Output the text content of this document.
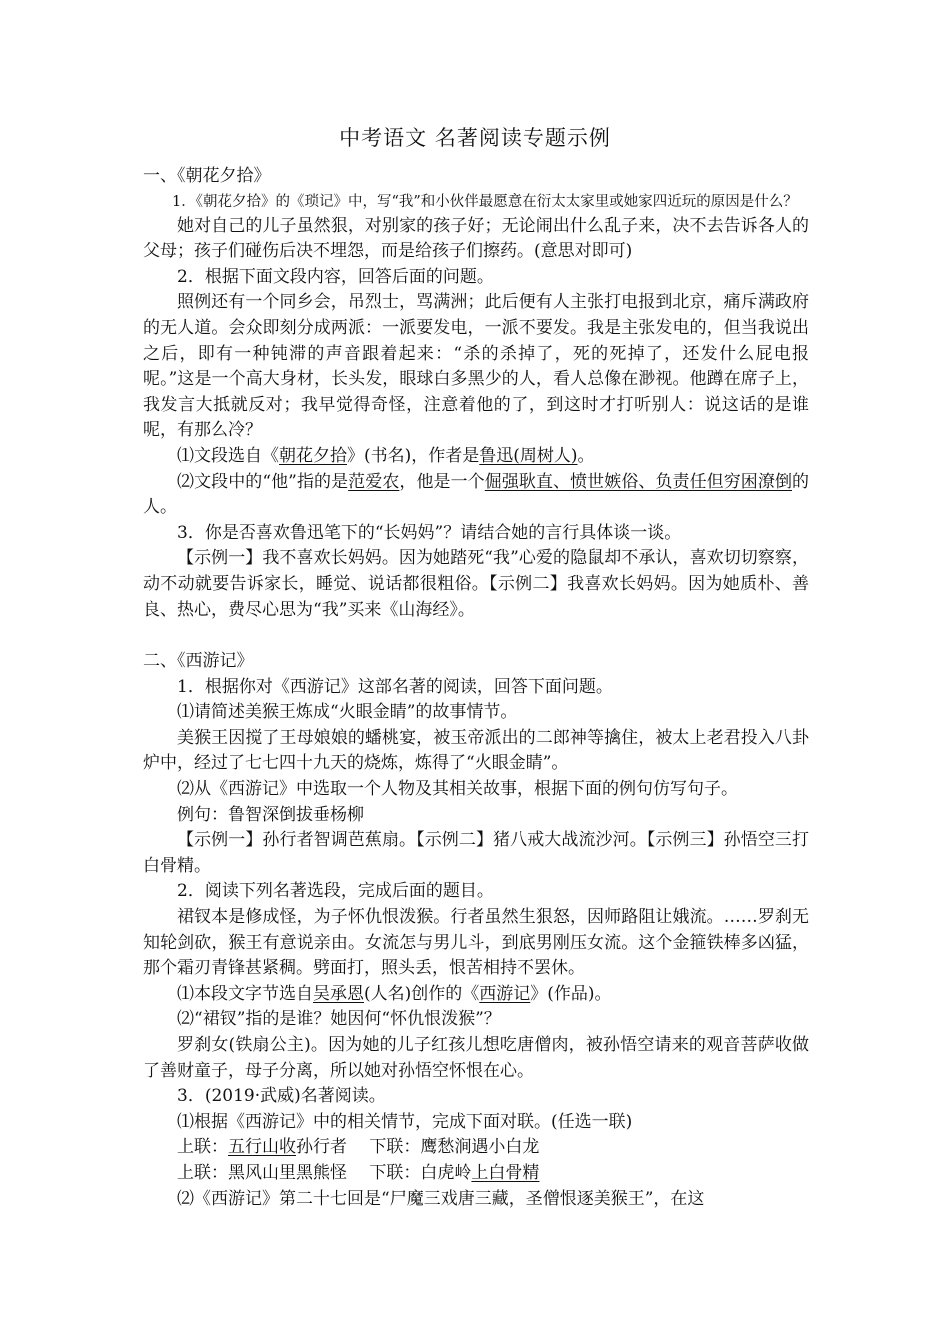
中考语文 名著阅读专题示例

一、《朝花夕拾》

1．《朝花夕拾》的《琐记》中，写“我”和小伙伴最愿意在衍太太家里或她家四近玩的原因是什么？

她对自己的儿子虽然狠，对别家的孩子好；无论闹出什么乱子来，决不去告诉各人的父母；孩子们碰伤后决不埋怨，而是给孩子们擦药。(意思对即可)

2．根据下面文段内容，回答后面的问题。

照例还有一个同乡会，吊烈士，骂满洲；此后便有人主张打电报到北京，痛斥满政府的无人道。会众即刻分成两派：一派要发电，一派不要发。我是主张发电的，但当我说出之后，即有一种钝滞的声音跟着起来：“杀的杀掉了，死的死掉了，还发什么屁电报呢。”这是一个高大身材，长头发，眼球白多黑少的人，看人总像在渺视。他蹲在席子上，我发言大抵就反对；我早觉得奇怪，注意着他的了，到这时才打听别人：说这话的是谁呢，有那么冷？

⑴文段选自《朝花夕拾》(书名)，作者是鲁迅(周树人)。

⑵文段中的“他”指的是范爱农，他是一个倔强耿直、愤世嫉俗、负责任但穷困潦倒的人。

3．你是否喜欢鲁迅笔下的“长妈妈”？请结合她的言行具体谈一谈。

【示例一】我不喜欢长妈妈。因为她踏死“我”心爱的隐鼠却不承认，喜欢切切察察，动不动就要告诉家长，睡觉、说话都很粗俗。【示例二】我喜欢长妈妈。因为她质朴、善良、热心，费尽心思为“我”买来《山海经》。

二、《西游记》

1．根据你对《西游记》这部名著的阅读，回答下面问题。

⑴请简述美猴王炼成“火眼金睛”的故事情节。

美猴王因搅了王母娘娘的蟠桃宴，被玉帝派出的二郎神等擒住，被太上老君投入八卦炉中，经过了七七四十九天的烧炼，炼得了“火眼金睛”。

⑵从《西游记》中选取一个人物及其相关故事，根据下面的例句仿写句子。

例句：鲁智深倒拔垂杨柳

【示例一】孙行者智调芭蕉扇。【示例二】猪八戒大战流沙河。【示例三】孙悟空三打白骨精。

2．阅读下列名著选段，完成后面的题目。

裙钗本是修成怪，为子怀仇恨泼猴。行者虽然生狠怒，因师路阻让娥流。……罗刹无知轮剑砍，猴王有意说亲由。女流怎与男儿斗，到底男刚压女流。这个金箍铁棒多凶猛，那个霜刃青锋甚紧稠。劈面打，照头丢，恨苦相持不罢休。

⑴本段文字节选自吴承恩(人名)创作的《西游记》(作品)。

⑵“裙钗”指的是谁？她因何“怀仇恨泼猴”？

罗刹女(铁扇公主)。因为她的儿子红孩儿想吃唐僧肉，被孙悟空请来的观音菩萨收做了善财童子，母子分离，所以她对孙悟空怀恨在心。

3．(2019·武威)名著阅读。

⑴根据《西游记》中的相关情节，完成下面对联。(任选一联)

上联：五行山收孙行者　 下联：鹰愁涧遇小白龙

上联：黑风山里黑熊怪　 下联：白虎岭上白骨精

⑵《西游记》第二十七回是“尸魔三戏唐三藏，圣僧恨逐美猴王”，在这
